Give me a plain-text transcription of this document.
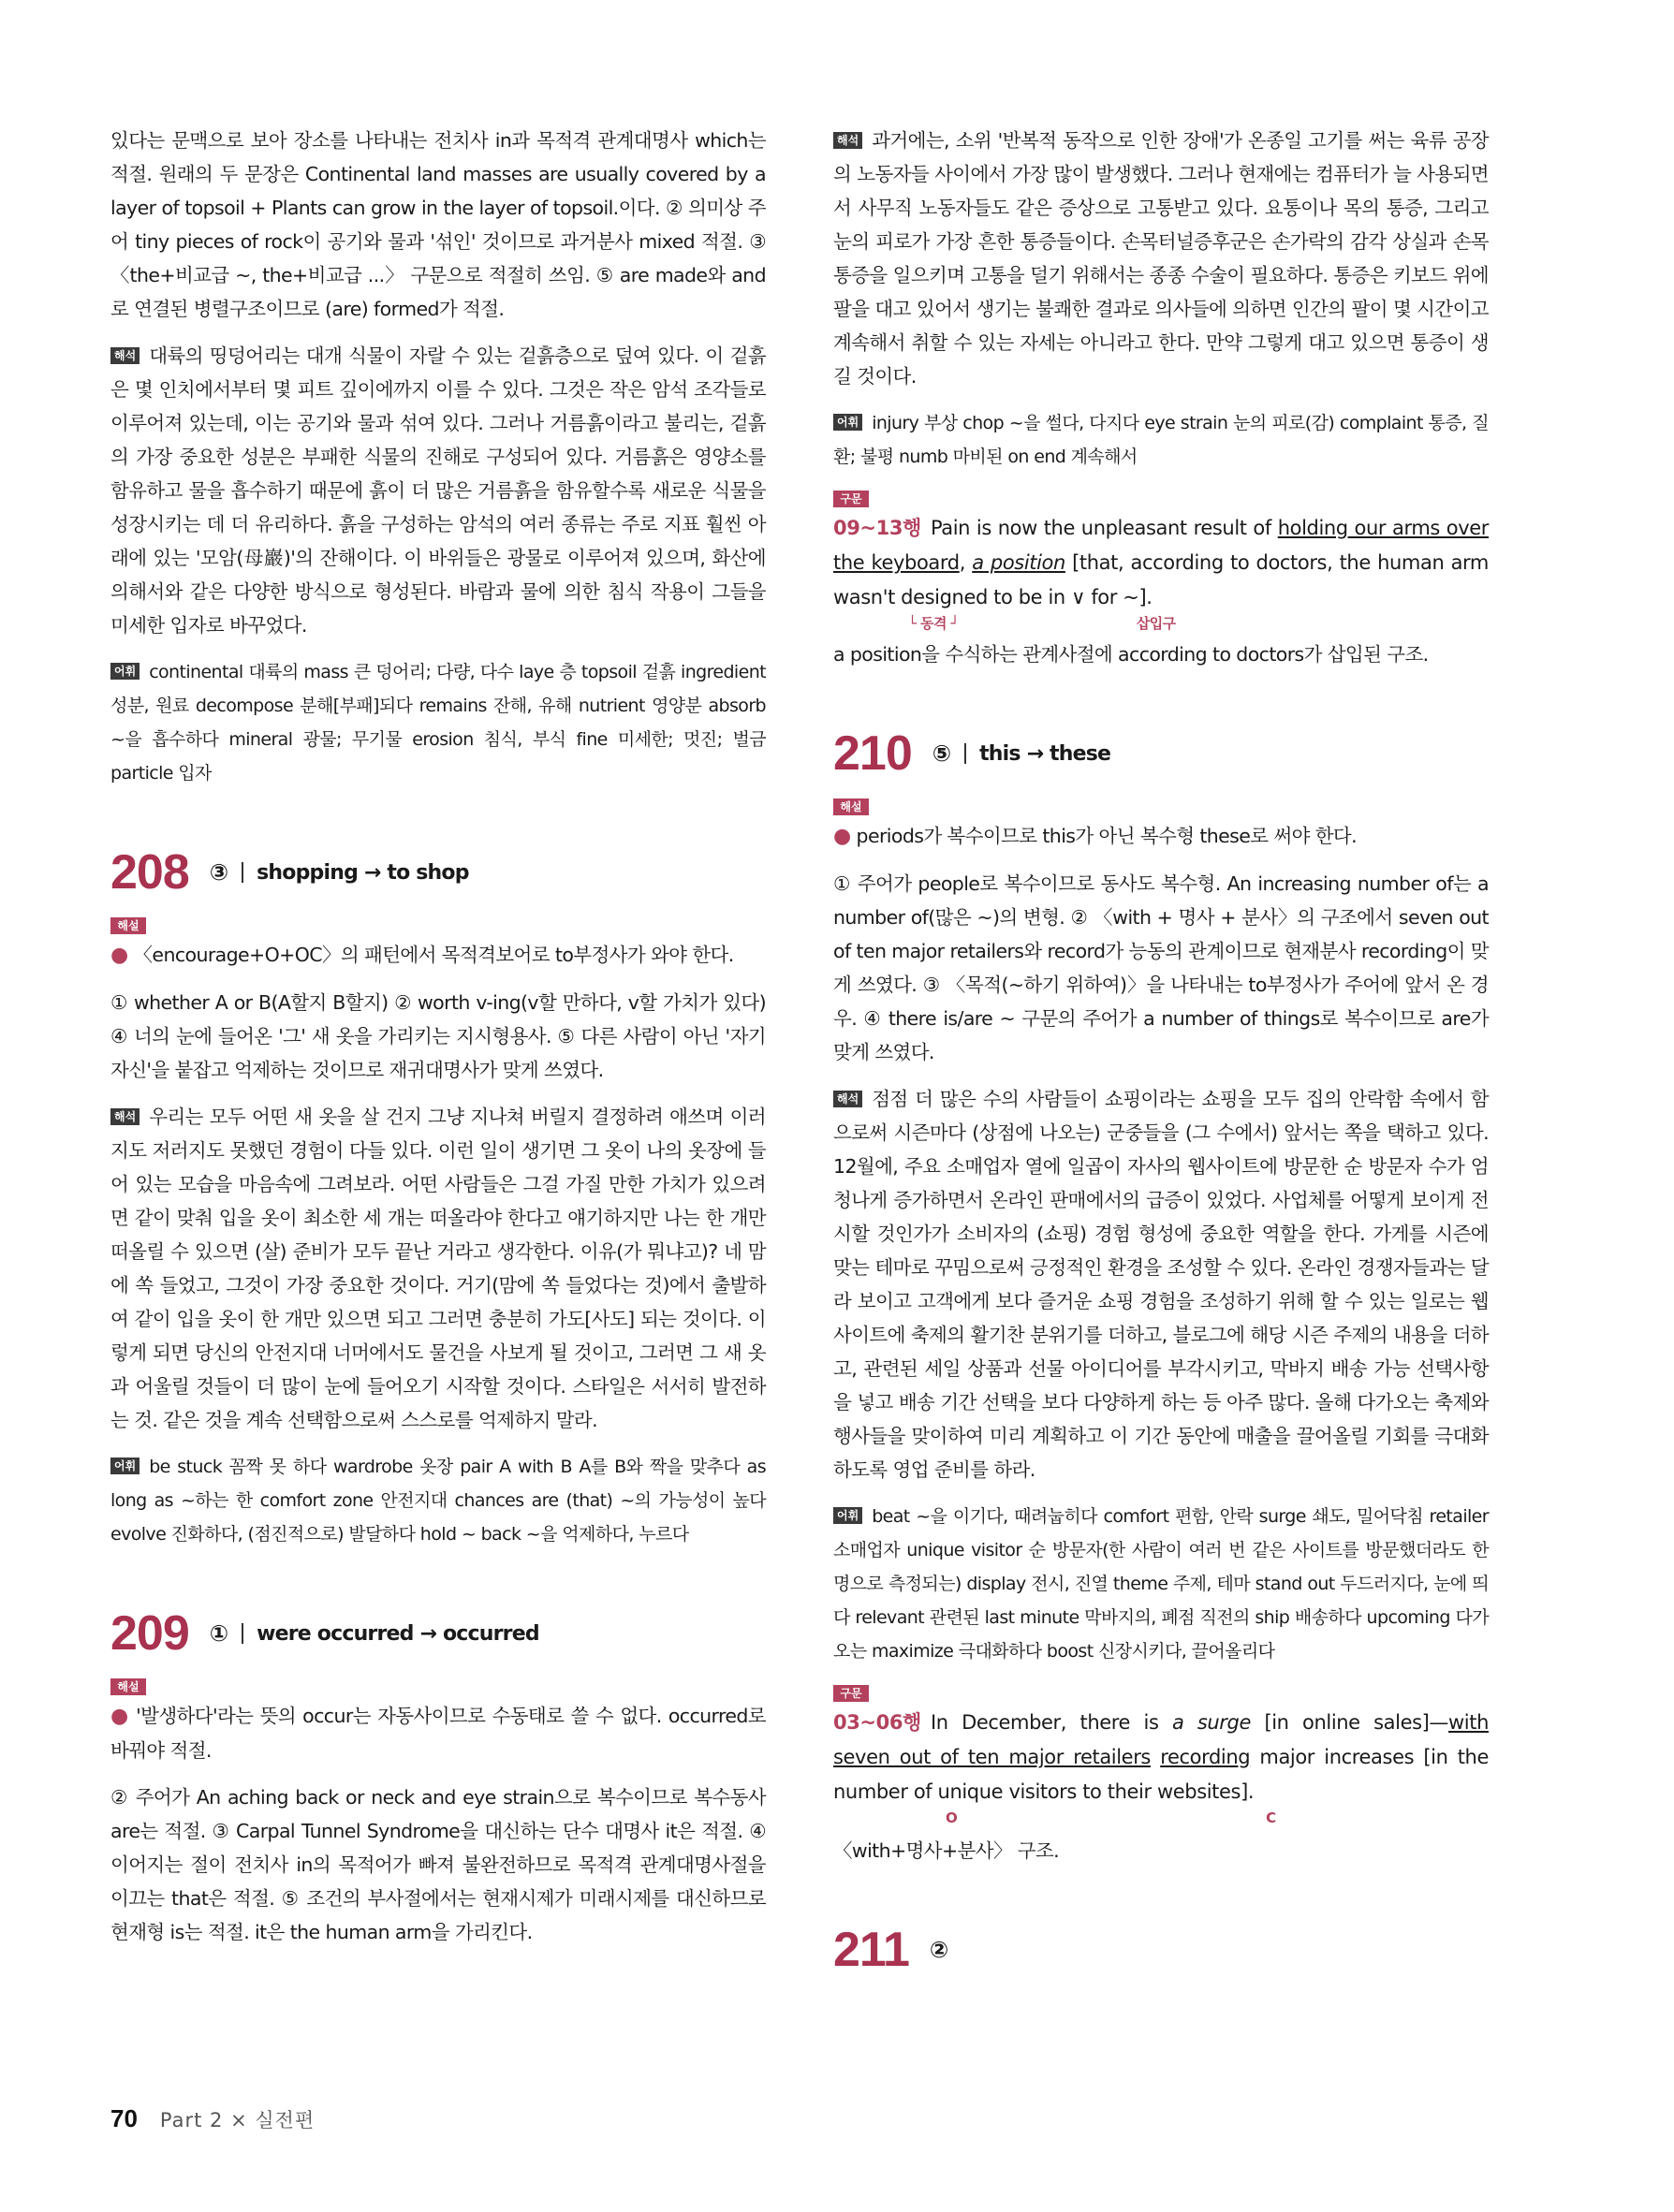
있다는 문맥으로 보아 장소를 나타내는 전치사 in과 목적격 관계대명사 which는 적절. 원래의 두 문장은 Continental land masses are usually covered by a layer of topsoil + Plants can grow in the layer of topsoil.이다. ② 의미상 주어 tiny pieces of rock이 공기와 물과 '섞인' 것이므로 과거분사 mixed 적절. ③ 〈the+비교급 ~, the+비교급 ...〉 구문으로 적절히 쓰임. ⑤ are made와 and로 연결된 병렬구조이므로 (are) formed가 적절.

해석 대륙의 띵덩어리는 대개 식물이 자랄 수 있는 겉흙층으로 덮여 있다. 이 겉흙은 몇 인치에서부터 몇 피트 깊이에까지 이를 수 있다. 그것은 작은 암석 조각들로 이루어져 있는데, 이는 공기와 물과 섞여 있다. 그러나 거름흙이라고 불리는, 겉흙의 가장 중요한 성분은 부패한 식물의 진해로 구성되어 있다. 거름흙은 영양소를 함유하고 물을 흡수하기 때문에 흙이 더 많은 거름흙을 함유할수록 새로운 식물을 성장시키는 데 더 유리하다. 흙을 구성하는 암석의 여러 종류는 주로 지표 훨씬 아래에 있는 '모암(母巖)'의 잔해이다. 이 바위들은 광물로 이루어져 있으며, 화산에 의해서와 같은 다양한 방식으로 형성된다. 바람과 물에 의한 침식 작용이 그들을 미세한 입자로 바꾸었다.

어휘 continental 대륙의 mass 큰 덩어리; 다량, 다수 laye 층 topsoil 겉흙 ingredient 성분, 원료 decompose 분해[부패]되다 remains 잔해, 유해 nutrient 영양분 absorb ~을 흡수하다 mineral 광물; 무기물 erosion 침식, 부식 fine 미세한; 멋진; 벌금 particle 입자

208 ③ shopping → to shop
해설

● 〈encourage+O+OC〉의 패턴에서 목적격보어로 to부정사가 와야 한다.

① whether A or B(A할지 B할지) ② worth v-ing(v할 만하다, v할 가치가 있다) ④ 너의 눈에 들어온 '그' 새 옷을 가리키는 지시형용사. ⑤ 다른 사람이 아닌 '자기 자신'을 붙잡고 억제하는 것이므로 재귀대명사가 맞게 쓰였다.

해석 우리는 모두 어떤 새 옷을 살 건지 그냥 지나쳐 버릴지 결정하려 애쓰며 이러지도 저러지도 못했던 경험이 다들 있다. 이런 일이 생기면 그 옷이 나의 옷장에 들어 있는 모습을 마음속에 그려보라. 어떤 사람들은 그걸 가질 만한 가치가 있으려면 같이 맞춰 입을 옷이 최소한 세 개는 떠올라야 한다고 얘기하지만 나는 한 개만 떠올릴 수 있으면 (살) 준비가 모두 끝난 거라고 생각한다. 이유(가 뭐냐고)? 네 맘에 쏙 들었고, 그것이 가장 중요한 것이다. 거기(맘에 쏙 들었다는 것)에서 출발하여 같이 입을 옷이 한 개만 있으면 되고 그러면 충분히 가도[사도] 되는 것이다. 이렇게 되면 당신의 안전지대 너머에서도 물건을 사보게 될 것이고, 그러면 그 새 옷과 어울릴 것들이 더 많이 눈에 들어오기 시작할 것이다. 스타일은 서서히 발전하는 것. 같은 것을 계속 선택함으로써 스스로를 억제하지 말라.

어휘 be stuck 꼼짝 못 하다 wardrobe 옷장 pair A with B A를 B와 짝을 맞추다 as long as ~하는 한 comfort zone 안전지대 chances are (that) ~의 가능성이 높다 evolve 진화하다, (점진적으로) 발달하다 hold ~ back ~을 억제하다, 누르다

209 ① were occurred → occurred
해설

● '발생하다'라는 뜻의 occur는 자동사이므로 수동태로 쓸 수 없다. occurred로 바꿔야 적절.

② 주어가 An aching back or neck and eye strain으로 복수이므로 복수동사 are는 적절. ③ Carpal Tunnel Syndrome을 대신하는 단수 대명사 it은 적절. ④ 이어지는 절이 전치사 in의 목적어가 빠져 불완전하므로 목적격 관계대명사절을 이끄는 that은 적절. ⑤ 조건의 부사절에서는 현재시제가 미래시제를 대신하므로 현재형 is는 적절. it은 the human arm을 가리킨다.

해석 과거에는, 소위 '반복적 동작으로 인한 장애'가 온종일 고기를 써는 육류 공장의 노동자들 사이에서 가장 많이 발생했다. 그러나 현재에는 컴퓨터가 늘 사용되면서 사무직 노동자들도 같은 증상으로 고통받고 있다. 요통이나 목의 통증, 그리고 눈의 피로가 가장 흔한 통증들이다. 손목터널증후군은 손가락의 감각 상실과 손목 통증을 일으키며 고통을 덜기 위해서는 종종 수술이 필요하다. 통증은 키보드 위에 팔을 대고 있어서 생기는 불쾌한 결과로 의사들에 의하면 인간의 팔이 몇 시간이고 계속해서 취할 수 있는 자세는 아니라고 한다. 만약 그렇게 대고 있으면 통증이 생길 것이다.

어휘 injury 부상 chop ~을 썰다, 다지다 eye strain 눈의 피로(감) complaint 통증, 질환; 불평 numb 마비된 on end 계속해서

구문

09~13행 Pain is now the unpleasant result of holding our arms over the keyboard, a position [that, according to doctors, the human arm wasn't designed to be in ∨ for ~].

└ 동격 ┘	삽입구

a position을 수식하는 관계사절에 according to doctors가 삽입된 구조.

210 ⑤ this → these
해설

● periods가 복수이므로 this가 아닌 복수형 these로 써야 한다.

① 주어가 people로 복수이므로 동사도 복수형. An increasing number of는 a number of(많은 ~)의 변형. ② 〈with + 명사 + 분사〉의 구조에서 seven out of ten major retailers와 record가 능동의 관계이므로 현재분사 recording이 맞게 쓰였다. ③ 〈목적(~하기 위하여)〉을 나타내는 to부정사가 주어에 앞서 온 경우. ④ there is/are ~ 구문의 주어가 a number of things로 복수이므로 are가 맞게 쓰였다.

해석 점점 더 많은 수의 사람들이 쇼핑이라는 쇼핑을 모두 집의 안락함 속에서 함으로써 시즌마다 (상점에 나오는) 군중들을 (그 수에서) 앞서는 쪽을 택하고 있다. 12월에, 주요 소매업자 열에 일곱이 자사의 웹사이트에 방문한 순 방문자 수가 엄청나게 증가하면서 온라인 판매에서의 급증이 있었다. 사업체를 어떻게 보이게 전시할 것인가가 소비자의 (쇼핑) 경험 형성에 중요한 역할을 한다. 가게를 시즌에 맞는 테마로 꾸밈으로써 긍정적인 환경을 조성할 수 있다. 온라인 경쟁자들과는 달라 보이고 고객에게 보다 즐거운 쇼핑 경험을 조성하기 위해 할 수 있는 일로는 웹사이트에 축제의 활기찬 분위기를 더하고, 블로그에 해당 시즌 주제의 내용을 더하고, 관련된 세일 상품과 선물 아이디어를 부각시키고, 막바지 배송 가능 선택사항을 넣고 배송 기간 선택을 보다 다양하게 하는 등 아주 많다. 올해 다가오는 축제와 행사들을 맞이하여 미리 계획하고 이 기간 동안에 매출을 끌어올릴 기회를 극대화하도록 영업 준비를 하라.

어휘 beat ~을 이기다, 때려눕히다 comfort 편함, 안락 surge 쇄도, 밀어닥침 retailer 소매업자 unique visitor 순 방문자(한 사람이 여러 번 같은 사이트를 방문했더라도 한 명으로 측정되는) display 전시, 진열 theme 주제, 테마 stand out 두드러지다, 눈에 띄다 relevant 관련된 last minute 막바지의, 폐점 직전의 ship 배송하다 upcoming 다가오는 maximize 극대화하다 boost 신장시키다, 끌어올리다

구문

03~06행 In December, there is a surge [in online sales]—with seven out of ten major retailers recording major increases [in the number of unique visitors to their websites].

O	C

〈with+명사+분사〉 구조.

211 ②
70 Part 2 × 실전편
